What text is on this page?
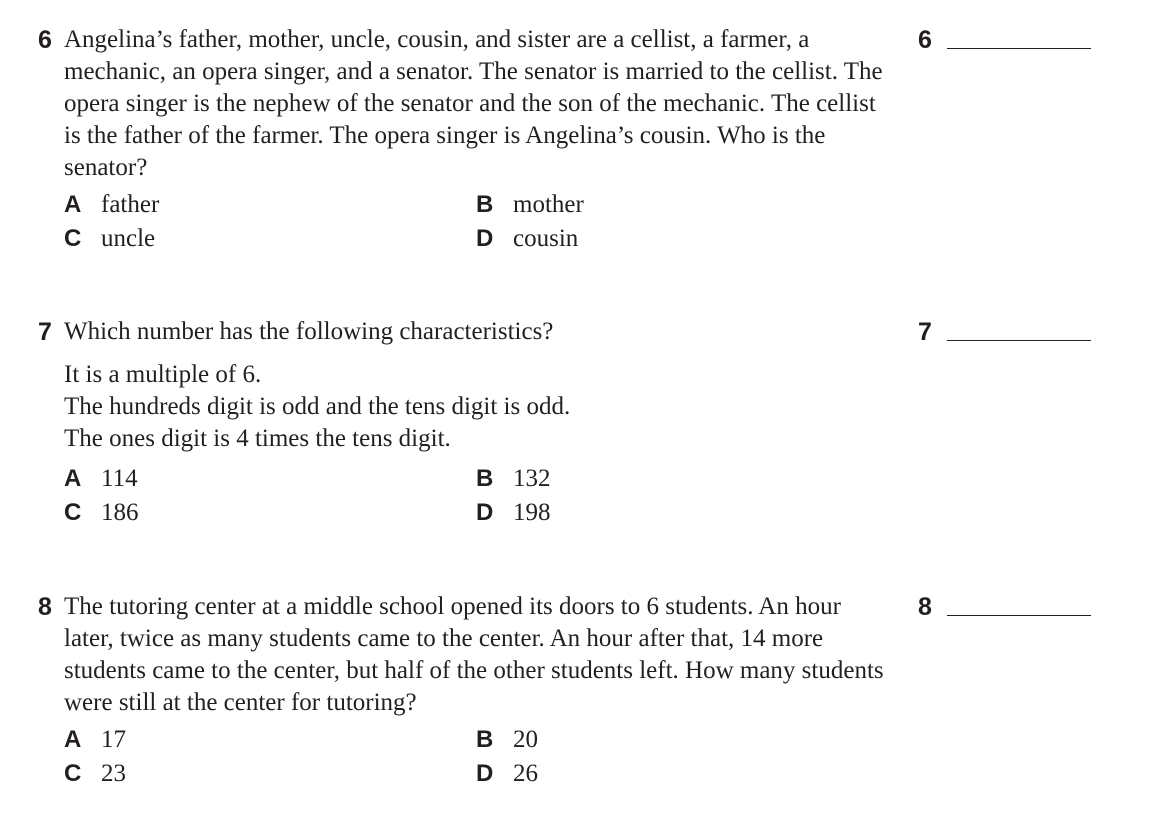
6 Angelina’s father, mother, uncle, cousin, and sister are a cellist, a farmer, a mechanic, an opera singer, and a senator. The senator is married to the cellist. The opera singer is the nephew of the senator and the son of the mechanic. The cellist is the father of the farmer. The opera singer is Angelina’s cousin. Who is the senator?
A father	B mother
C uncle	D cousin
6
7 Which number has the following characteristics?

It is a multiple of 6.

The hundreds digit is odd and the tens digit is odd.

The ones digit is 4 times the tens digit.

A 114	B 132
C 186	D 198
7
8 The tutoring center at a middle school opened its doors to 6 students. An hour later, twice as many students came to the center. An hour after that, 14 more students came to the center, but half of the other students left. How many students were still at the center for tutoring?
A 17	B 20
C 23	D 26
8
